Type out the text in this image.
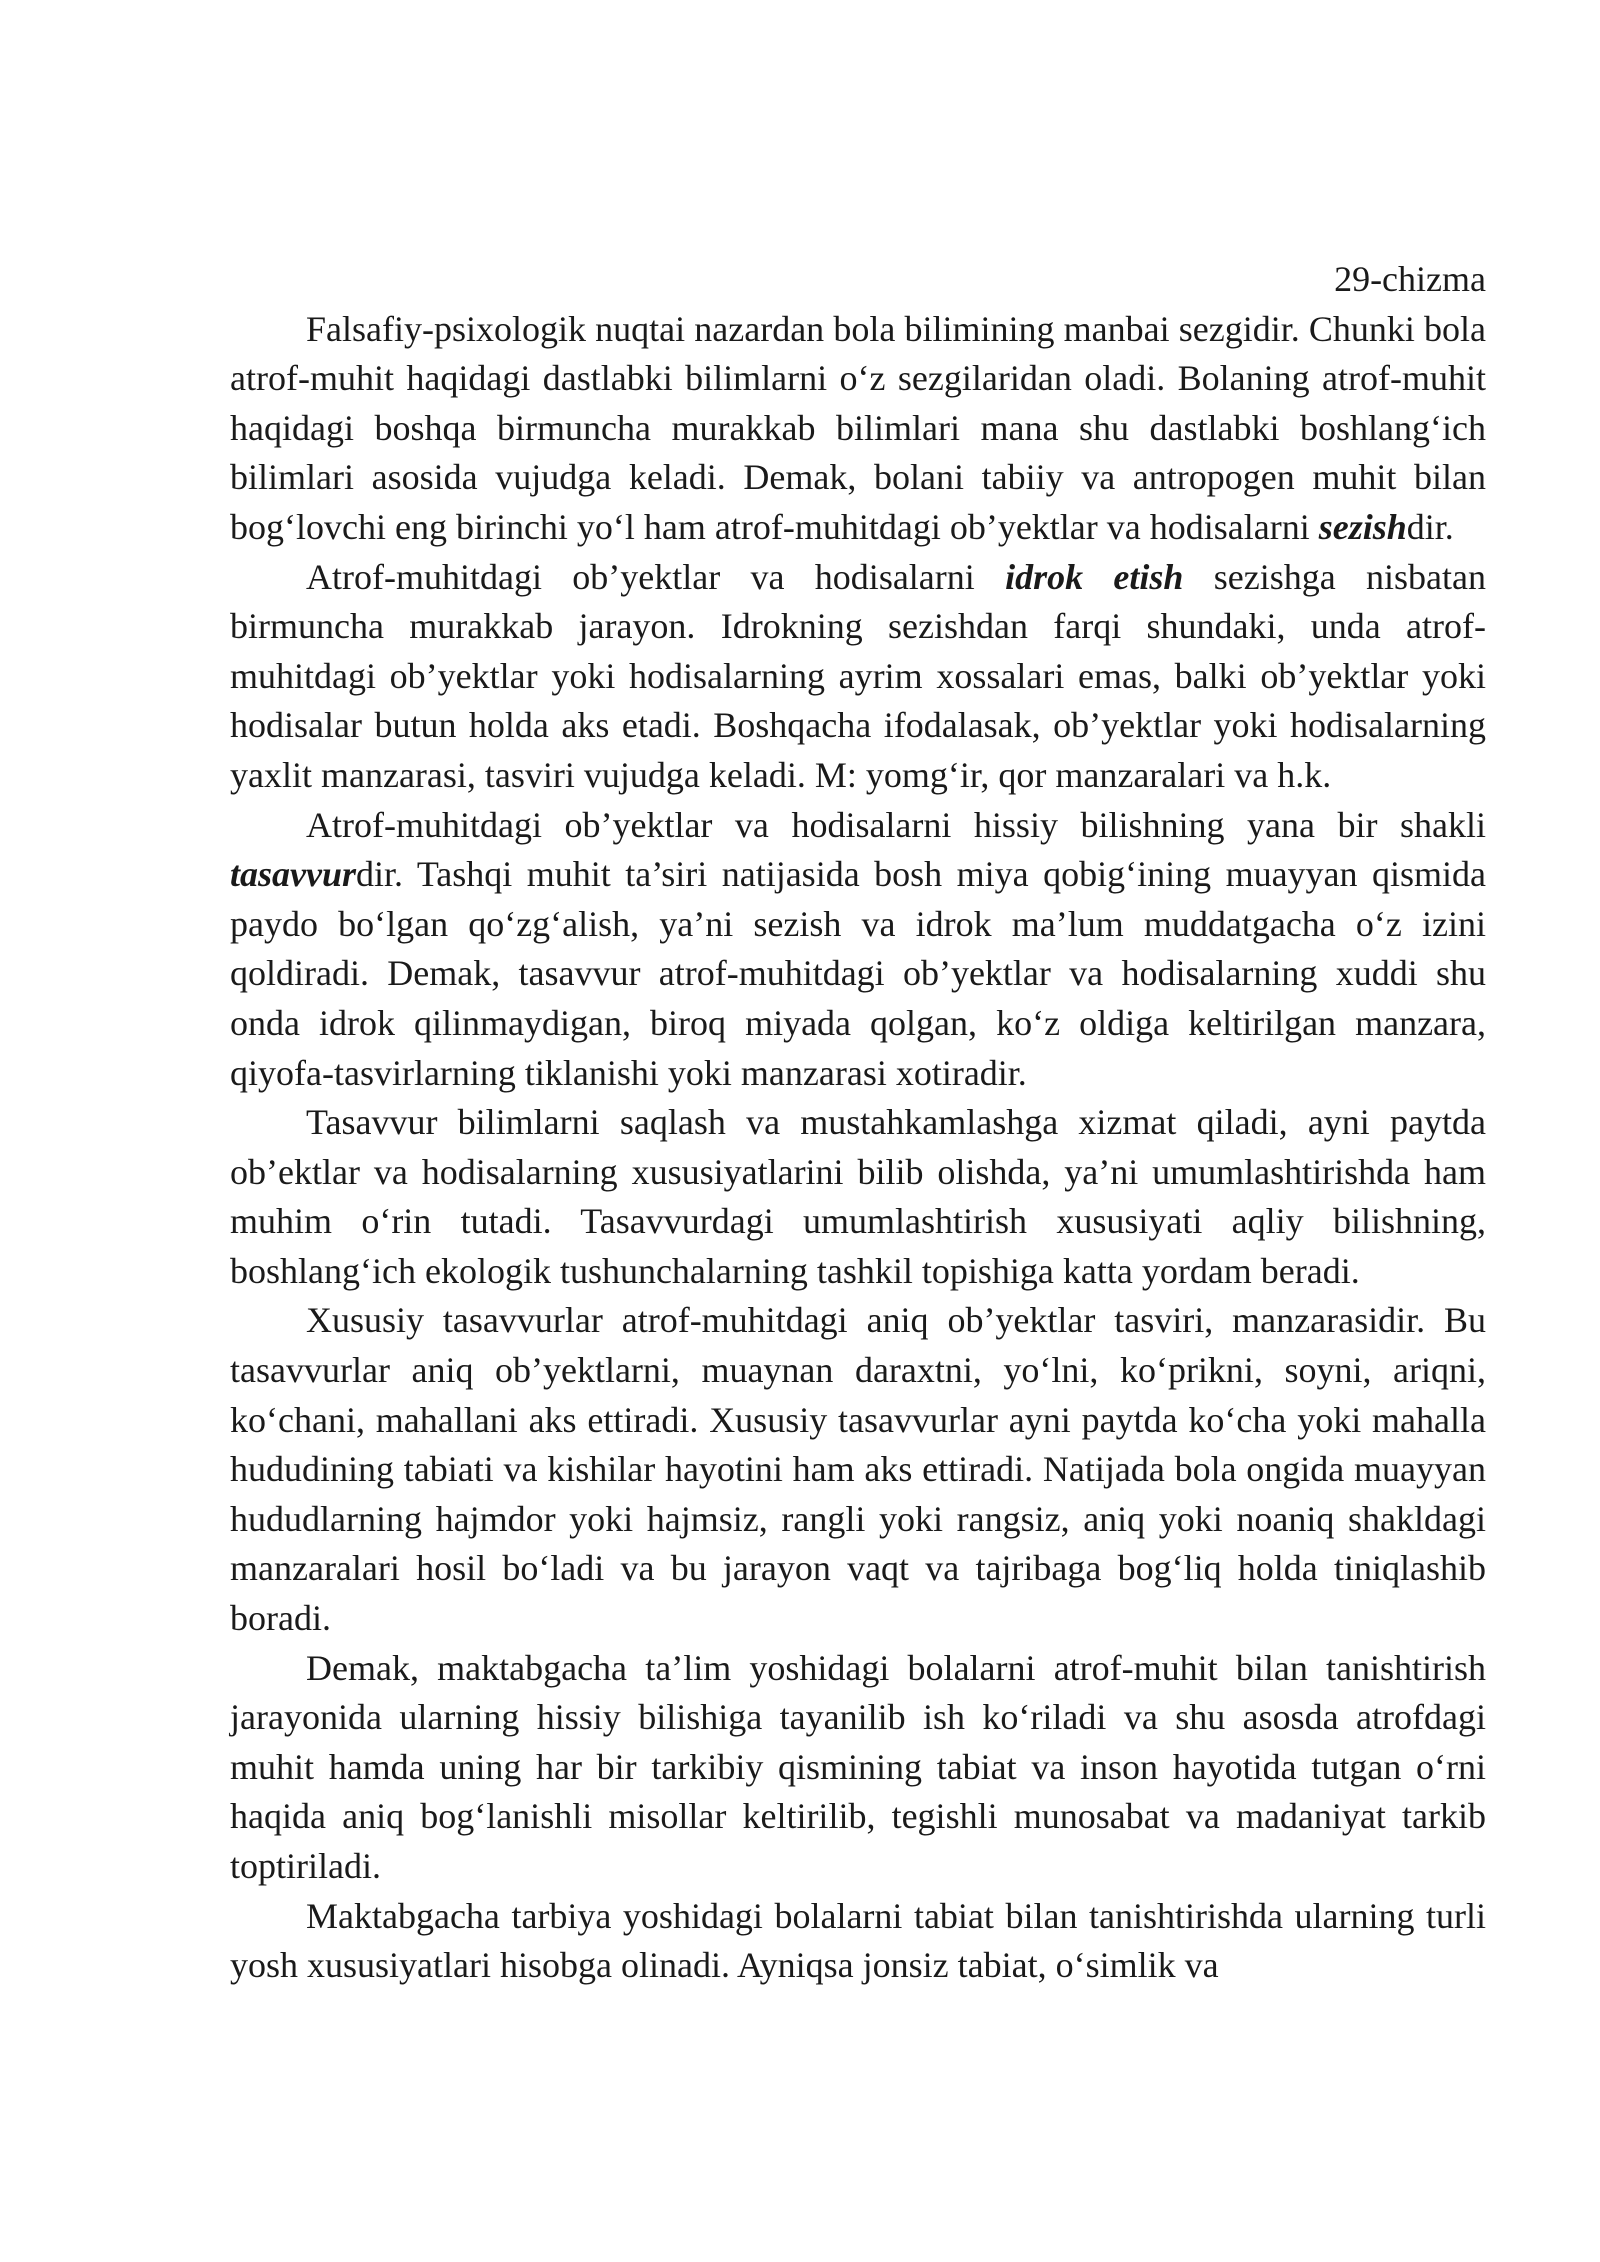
29-chizma

Falsafiy-psixologik nuqtai nazardan bola bilimining manbai sezgidir. Chunki bola atrof-muhit haqidagi dastlabki bilimlarni o‘z sezgilaridan oladi. Bolaning atrof-muhit haqidagi boshqa birmuncha murakkab bilimlari mana shu dastlabki boshlang‘ich bilimlari asosida vujudga keladi. Demak, bolani tabiiy va antropogen muhit bilan bog‘lovchi eng birinchi yo‘l ham atrof-muhitdagi ob’yektlar va hodisalarni sezishdir.

Atrof-muhitdagi ob’yektlar va hodisalarni idrok etish sezishga nisbatan birmuncha murakkab jarayon. Idrokning sezishdan farqi shundaki, unda atrof-muhitdagi ob’yektlar yoki hodisalarning ayrim xossalari emas, balki ob’yektlar yoki hodisalar butun holda aks etadi. Boshqacha ifodalasak, ob’yektlar yoki hodisalarning yaxlit manzarasi, tasviri vujudga keladi. M: yomg‘ir, qor manzaralari va h.k.

Atrof-muhitdagi ob’yektlar va hodisalarni hissiy bilishning yana bir shakli tasavvurdir. Tashqi muhit ta’siri natijasida bosh miya qobig‘ining muayyan qismida paydo bo‘lgan qo‘zg‘alish, ya’ni sezish va idrok ma’lum muddatgacha o‘z izini qoldiradi. Demak, tasavvur atrof-muhitdagi ob’yektlar va hodisalarning xuddi shu onda idrok qilinmaydigan, biroq miyada qolgan, ko‘z oldiga keltirilgan manzara, qiyofa-tasvirlarning tiklanishi yoki manzarasi xotiradir.

Tasavvur bilimlarni saqlash va mustahkamlashga xizmat qiladi, ayni paytda ob’ektlar va hodisalarning xususiyatlarini bilib olishda, ya’ni umumlashtirishda ham muhim o‘rin tutadi. Tasavvurdagi umumlashtirish xususiyati aqliy bilishning, boshlang‘ich ekologik tushunchalarning tashkil topishiga katta yordam beradi.

Xususiy tasavvurlar atrof-muhitdagi aniq ob’yektlar tasviri, manzarasidir. Bu tasavvurlar aniq ob’yektlarni, muaynan daraxtni, yo‘lni, ko‘prikni, soyni, ariqni, ko‘chani, mahallani aks ettiradi. Xususiy tasavvurlar ayni paytda ko‘cha yoki mahalla hududining tabiati va kishilar hayotini ham aks ettiradi. Natijada bola ongida muayyan hududlarning hajmdor yoki hajmsiz, rangli yoki rangsiz, aniq yoki noaniq shakldagi manzaralari hosil bo‘ladi va bu jarayon vaqt va tajribaga bog‘liq holda tiniqlashib boradi.

Demak, maktabgacha ta’lim yoshidagi bolalarni atrof-muhit bilan tanishtirish jarayonida ularning hissiy bilishiga tayanilib ish ko‘riladi va shu asosda atrofdagi muhit hamda uning har bir tarkibiy qismining tabiat va inson hayotida tutgan o‘rni haqida aniq bog‘lanishli misollar keltirilib, tegishli munosabat va madaniyat tarkib toptiriladi.

Maktabgacha tarbiya yoshidagi bolalarni tabiat bilan tanishtirishda ularning turli yosh xususiyatlari hisobga olinadi. Ayniqsa jonsiz tabiat, o‘simlik va
